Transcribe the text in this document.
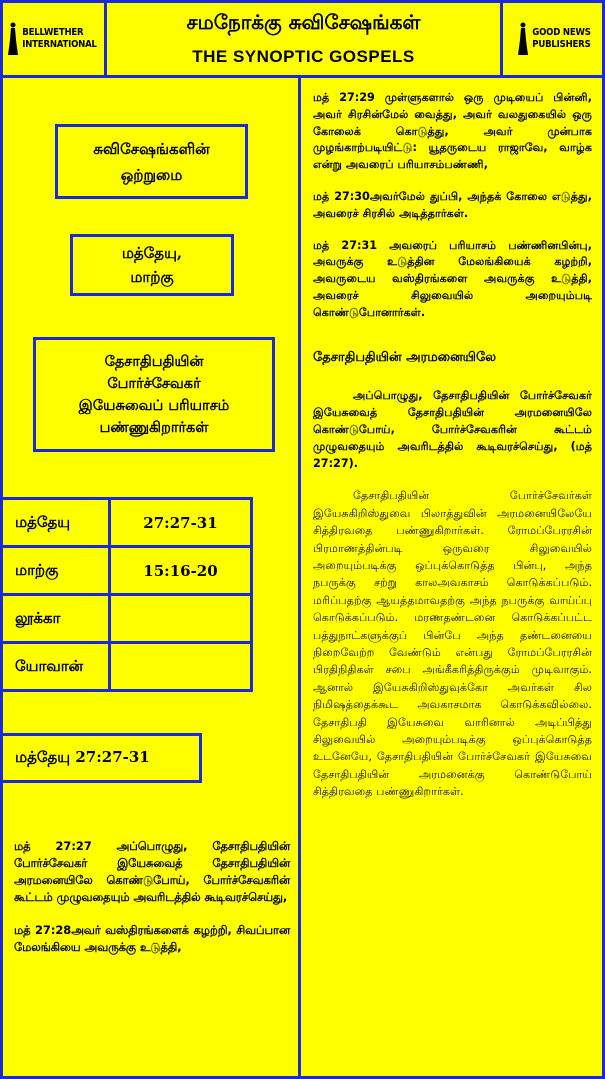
BELLWETHER
INTERNATIONAL
சமநோக்கு சுவிசேஷங்கள்
THE SYNOPTIC GOSPELS
GOOD NEWS
PUBLISHERS
சுவிசேஷங்களின்
ஒற்றுமை
மத்தேயு,
மாற்கு
தேசாதிபதியின்
போர்ச்சேவகர்
இயேசுவைப் பரியாசம்
பண்ணுகிறார்கள்
மத்தேயு	27:27-31
மாற்கு	15:16-20
லூக்கா	
யோவான்	
மத்தேயு 27:27-31

மத் 27:27 அப்பொழுது, தேசாதிபதியின் போர்ச்சேவகர் இயேசுவைத் தேசாதிபதியின் அரமனையிலே கொண்டுபோய், போர்ச்சேவகரின் கூட்டம் முழுவதையும் அவரிடத்தில் கூடிவரச்செய்து,

மத் 27:28அவர் வஸ்திரங்களைக் கழற்றி, சிவப்பான மேலங்கியை அவருக்கு உடுத்தி,

மத் 27:29 முள்ளுகளால் ஒரு முடியைப் பின்னி, அவர் சிரசின்மேல் வைத்து, அவர் வலதுகையில் ஒரு கோலைக் கொடுத்து, அவர் முன்பாக முழங்காற்படியிட்டு: யூதருடைய ராஜாவே, வாழ்க என்று அவரைப் பரியாசம்பண்ணி,

மத் 27:30அவர்மேல் துப்பி, அந்தக் கோலை எடுத்து, அவரைச் சிரசில் அடித்தார்கள்.

மத் 27:31 அவரைப் பரியாசம் பண்ணினபின்பு, அவருக்கு உடுத்தின மேலங்கியைக் கழற்றி, அவருடைய வஸ்திரங்களை அவருக்கு உடுத்தி, அவரைச் சிலுவையில் அறையும்படி கொண்டுபோனார்கள்.

தேசாதிபதியின் அரமனையிலே

அப்பொழுது, தேசாதிபதியின் போர்ச்சேவகர் இயேசுவைத் தேசாதிபதியின் அரமனையிலே கொண்டுபோய், போர்ச்சேவகரின் கூட்டம் முழுவதையும் அவரிடத்தில் கூடிவரச்செய்து, (மத் 27:27).

தேசாதிபதியின் போர்ச்சேவர்கள் இயேசுகிறிஸ்துவை பிலாத்துவின் அரமனையிலேயே சித்திரவதை பண்ணுகிறார்கள். ரோமப்பேரரசின் பிரமாணத்தின்படி ஒருவரை சிலுவையில் அறையும்படிக்கு ஒப்புக்கொடுத்த பின்பு, அந்த நபருக்கு சற்று காலஅவகாசம் கொடுக்கப்படும். மரிப்பதற்கு ஆயத்தமாவதற்கு அந்த நபருக்கு வாய்ப்பு கொடுக்கப்படும். மரணதண்டனை கொடுக்கப்பட்ட பத்துநாட்களுக்குப் பின்பே அந்த தண்டனையை நிறைவேற்ற வேண்டும் என்பது ரோமப்பேரரசின் பிரதிநிதிகள் சபை அங்கீகரித்திருக்கும் முடிவாகும். ஆனால் இயேசுகிறிஸ்துவுக்கோ அவர்கள் சில நிமிஷத்தைக்கூட அவகாசமாக கொடுக்கவில்லை. தேசாதிபதி இயேசுவை வாரினால் அடிப்பித்து சிலுவையில் அறையும்படிக்கு ஒப்புக்கொடுத்த உடனேயே, தேசாதிபதியின் போர்ச்சேவகர் இயேசுவை தேசாதிபதியின் அரமனைக்கு கொண்டுபோய் சித்திரவதை பண்ணுகிறார்கள்.
